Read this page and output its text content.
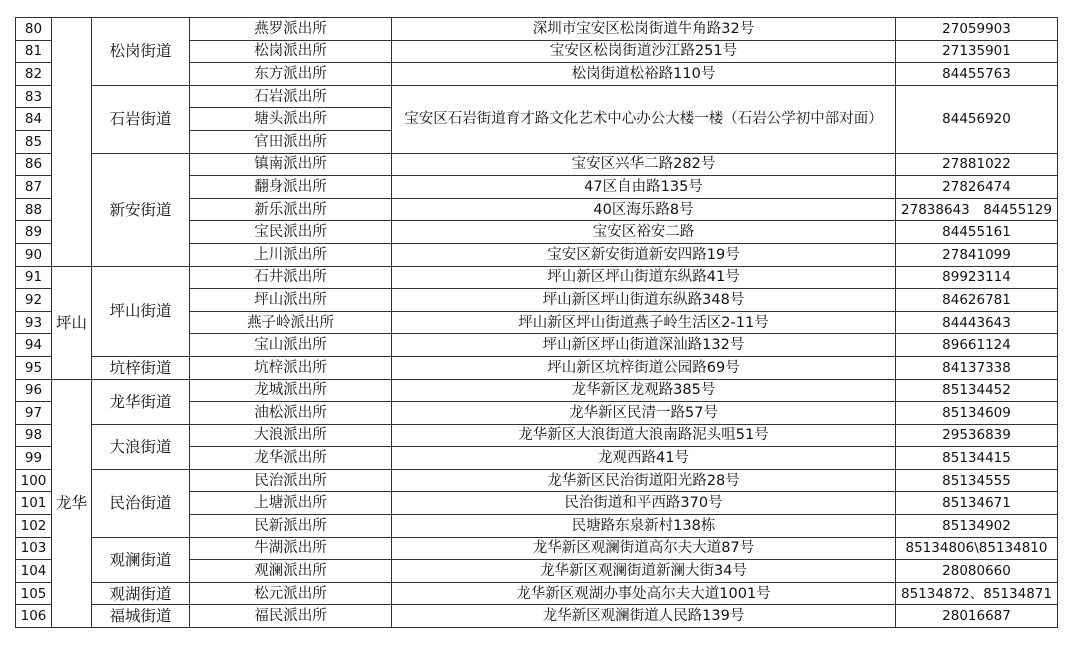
80		松岗街道	燕罗派出所	深圳市宝安区松岗街道牛角路32号	27059903
81			松岗派出所	宝安区松岗街道沙江路251号	27135901
82			东方派出所	松岗街道松裕路110号	84455763
83		石岩街道	石岩派出所	宝安区石岩街道育才路文化艺术中心办公大楼一楼（石岩公学初中部对面）	84456920
84			塘头派出所		
85			官田派出所		
86		新安街道	镇南派出所	宝安区兴华二路282号	27881022
87			翻身派出所	47区自由路135号	27826474
88			新乐派出所	40区海乐路8号	27838643　84455129
89			宝民派出所	宝安区裕安二路	84455161
90			上川派出所	宝安区新安街道新安四路19号	27841099
91	坪山	坪山街道	石井派出所	坪山新区坪山街道东纵路41号	89923114
92			坪山派出所	坪山新区坪山街道东纵路348号	84626781
93			燕子岭派出所	坪山新区坪山街道燕子岭生活区2-11号	84443643
94			宝山派出所	坪山新区坪山街道深汕路132号	89661124
95		坑梓街道	坑梓派出所	坪山新区坑梓街道公园路69号	84137338
96	龙华	龙华街道	龙城派出所	龙华新区龙观路385号	85134452
97			油松派出所	龙华新区民清一路57号	85134609
98		大浪街道	大浪派出所	龙华新区大浪街道大浪南路泥头咀51号	29536839
99			龙华派出所	龙观西路41号	85134415
100		民治街道	民治派出所	龙华新区民治街道阳光路28号	85134555
101			上塘派出所	民治街道和平西路370号	85134671
102			民新派出所	民塘路东泉新村138栋	85134902
103		观澜街道	牛湖派出所	龙华新区观澜街道高尔夫大道87号	85134806\85134810
104			观澜派出所	龙华新区观澜街道新澜大街34号	28080660
105		观湖街道	松元派出所	龙华新区观湖办事处高尔夫大道1001号	85134872、85134871
106		福城街道	福民派出所	龙华新区观澜街道人民路139号	28016687
